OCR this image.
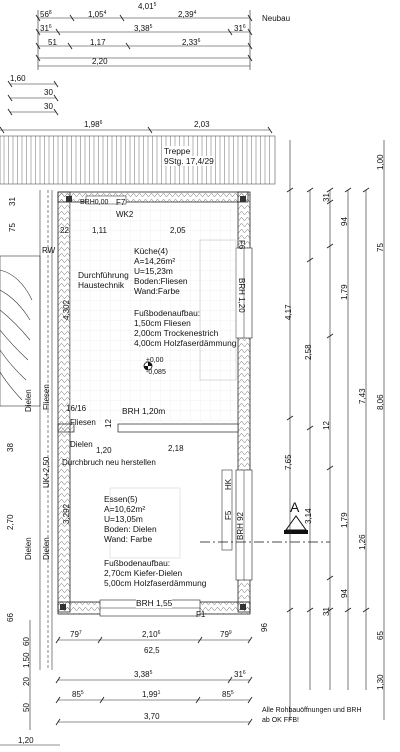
4,01$^5$
Neubau
$56^8$	1,05$^4$	2,39$^4$
$31^6$	3,38$^5$	$31^6$
51	1,17	2,33$^6$
2,20
1,60
30
30
1,98$^6$	2,03
Treppe
9Stg. 17,4/29
BRH0,00 F7
WK2
RW
22	1,11	2,05
75
31
4,302
Fliesen
Dielen
Dielen
Dielen
16/16
Fliesen 12
Dielen
1,20	2,18
Durchbruch neu herstellen
UK+2,50
2,70	3,292
38
66
BRH 1,20
F6
BRH 1,20m
HK
F5 BRH 92
BRH 1,55
F1
96
A
Küche(4)
A=14,26m²
U=15,23m
Boden:Fliesen
Wand:Farbe
Fußbodenaufbau:
1,50cm Fliesen
2,00cm Trockenestrich
4,00cm Holzfaserdämmung
Durchführung
Haustechnik
±0,00
-0,085
Essen(5)
A=10,62m²
U=13,05m
Boden: Dielen
Wand: Farbe
Fußbodenaufbau:
2,70cm Kiefer-Dielen
5,00cm Holzfaserdämmung
1,00
4,17
7,65
65
75
2,58
3,14
1,30
31
94
1,79
12
1,79
94
31
7,43
1,26
8,06
$79^7$	2,10$^6$	$79^9$
62,5
3,38$^5$	$31^6$
$85^5$	1,99$^1$	$85^5$
3,70
1,50
60
20
50
1,20
Alle Rohbauöffnungen und BRH
ab OK FFB!
